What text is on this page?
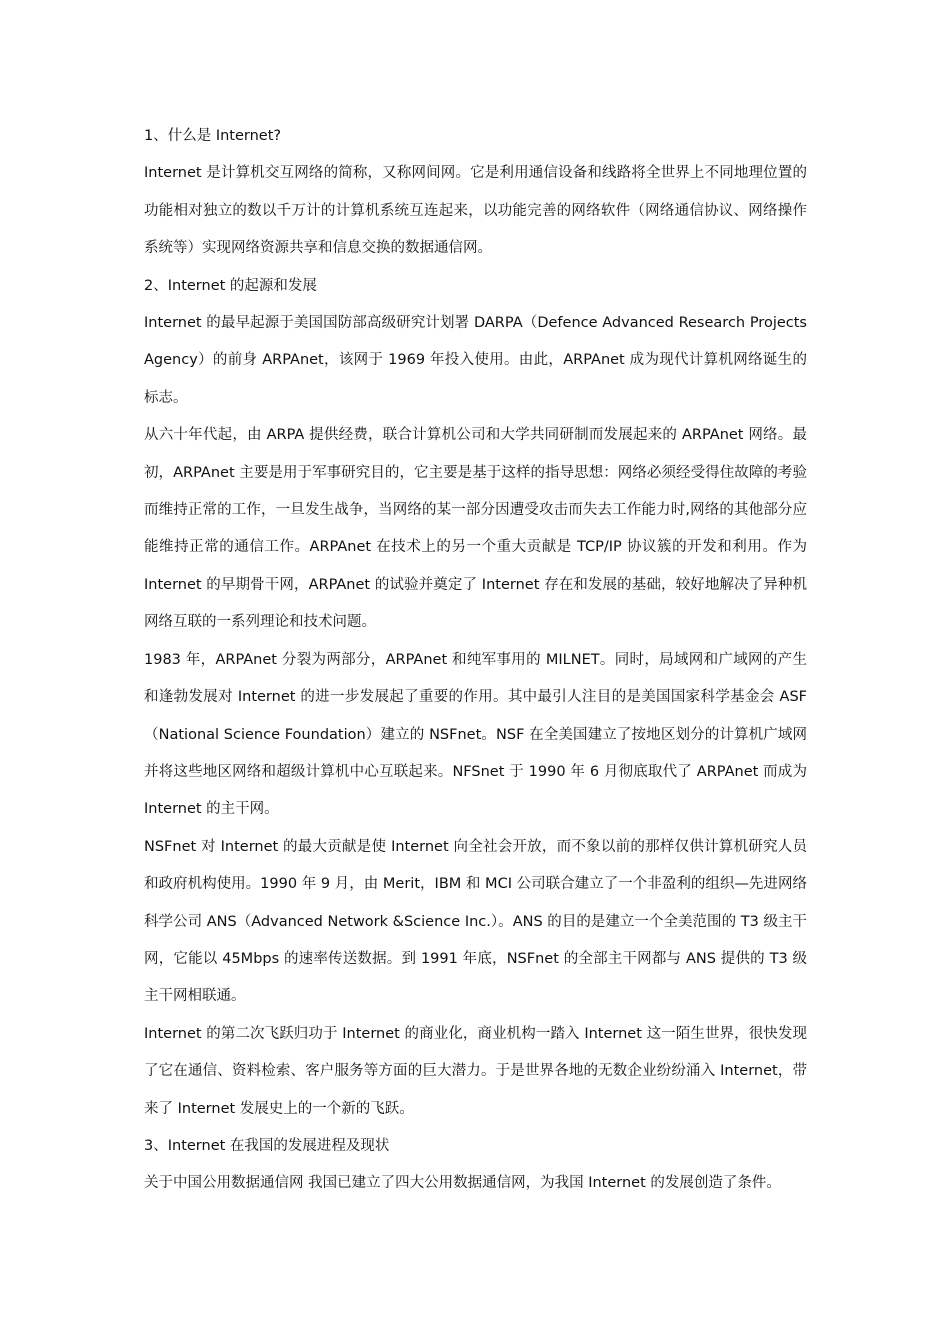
1、什么是 Internet?

Internet 是计算机交互网络的简称，又称网间网。它是利用通信设备和线路将全世界上不同地理位置的功能相对独立的数以千万计的计算机系统互连起来，以功能完善的网络软件（网络通信协议、网络操作系统等）实现网络资源共享和信息交换的数据通信网。

2、Internet 的起源和发展

Internet 的最早起源于美国国防部高级研究计划署 DARPA（Defence Advanced Research Projects Agency）的前身 ARPAnet，该网于 1969 年投入使用。由此，ARPAnet 成为现代计算机网络诞生的标志。

从六十年代起，由 ARPA 提供经费，联合计算机公司和大学共同研制而发展起来的 ARPAnet 网络。最初，ARPAnet 主要是用于军事研究目的，它主要是基于这样的指导思想：网络必须经受得住故障的考验而维持正常的工作，一旦发生战争，当网络的某一部分因遭受攻击而失去工作能力时,网络的其他部分应能维持正常的通信工作。ARPAnet 在技术上的另一个重大贡献是 TCP/IP 协议簇的开发和利用。作为 Internet 的早期骨干网，ARPAnet 的试验并奠定了 Internet 存在和发展的基础，较好地解决了异种机网络互联的一系列理论和技术问题。

1983 年，ARPAnet 分裂为两部分，ARPAnet 和纯军事用的 MILNET。同时，局域网和广域网的产生和逢勃发展对 Internet 的进一步发展起了重要的作用。其中最引人注目的是美国国家科学基金会 ASF（National Science Foundation）建立的 NSFnet。NSF 在全美国建立了按地区划分的计算机广域网并将这些地区网络和超级计算机中心互联起来。NFSnet 于 1990 年 6 月彻底取代了 ARPAnet 而成为 Internet 的主干网。

NSFnet 对 Internet 的最大贡献是使 Internet 向全社会开放，而不象以前的那样仅供计算机研究人员和政府机构使用。1990 年 9 月，由 Merit，IBM 和 MCI 公司联合建立了一个非盈利的组织—先进网络科学公司 ANS（Advanced Network &Science Inc.）。ANS 的目的是建立一个全美范围的 T3 级主干网，它能以 45Mbps 的速率传送数据。到 1991 年底，NSFnet 的全部主干网都与 ANS 提供的 T3 级主干网相联通。

Internet 的第二次飞跃归功于 Internet 的商业化，商业机构一踏入 Internet 这一陌生世界，很快发现了它在通信、资料检索、客户服务等方面的巨大潜力。于是世界各地的无数企业纷纷涌入 Internet，带来了 Internet 发展史上的一个新的飞跃。

3、Internet 在我国的发展进程及现状

关于中国公用数据通信网 我国已建立了四大公用数据通信网，为我国 Internet 的发展创造了条件。
